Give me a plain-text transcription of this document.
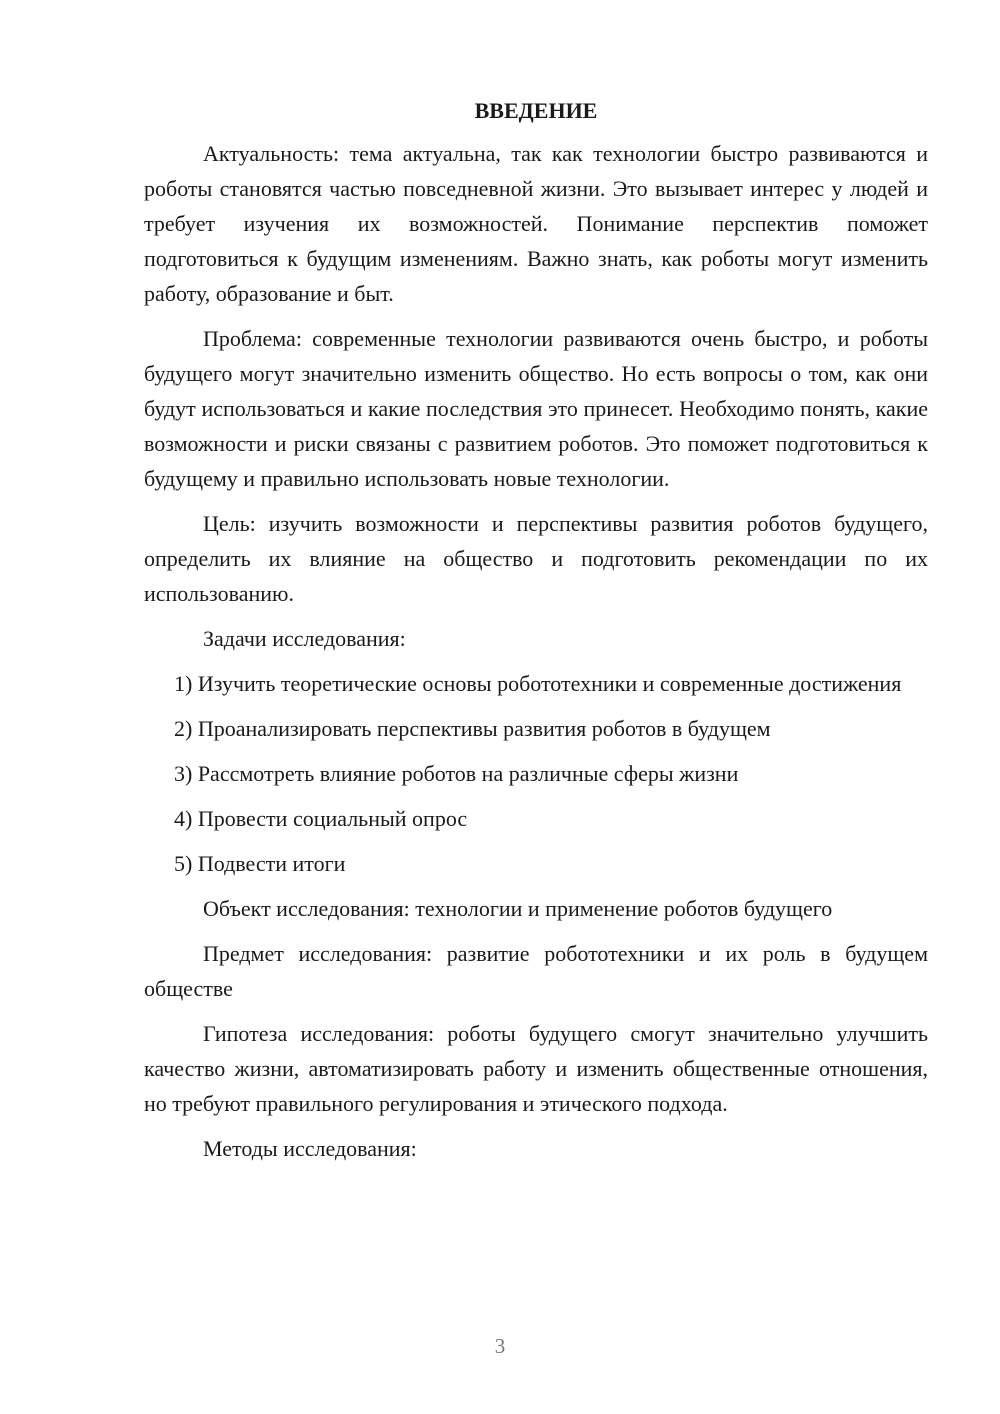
ВВЕДЕНИЕ
Актуальность: тема актуальна, так как технологии быстро развиваются и роботы становятся частью повседневной жизни. Это вызывает интерес у людей и требует изучения их возможностей. Понимание перспектив поможет подготовиться к будущим изменениям. Важно знать, как роботы могут изменить работу, образование и быт.
Проблема: современные технологии развиваются очень быстро, и роботы будущего могут значительно изменить общество. Но есть вопросы о том, как они будут использоваться и какие последствия это принесет. Необходимо понять, какие возможности и риски связаны с развитием роботов. Это поможет подготовиться к будущему и правильно использовать новые технологии.
Цель: изучить возможности и перспективы развития роботов будущего, определить их влияние на общество и подготовить рекомендации по их использованию.
Задачи исследования:
1) Изучить теоретические основы робототехники и современные достижения
2) Проанализировать перспективы развития роботов в будущем
3) Рассмотреть влияние роботов на различные сферы жизни
4) Провести социальный опрос
5) Подвести итоги
Объект исследования: технологии и применение роботов будущего
Предмет исследования: развитие робототехники и их роль в будущем обществе
Гипотеза исследования: роботы будущего смогут значительно улучшить качество жизни, автоматизировать работу и изменить общественные отношения, но требуют правильного регулирования и этического подхода.
Методы исследования:
3
